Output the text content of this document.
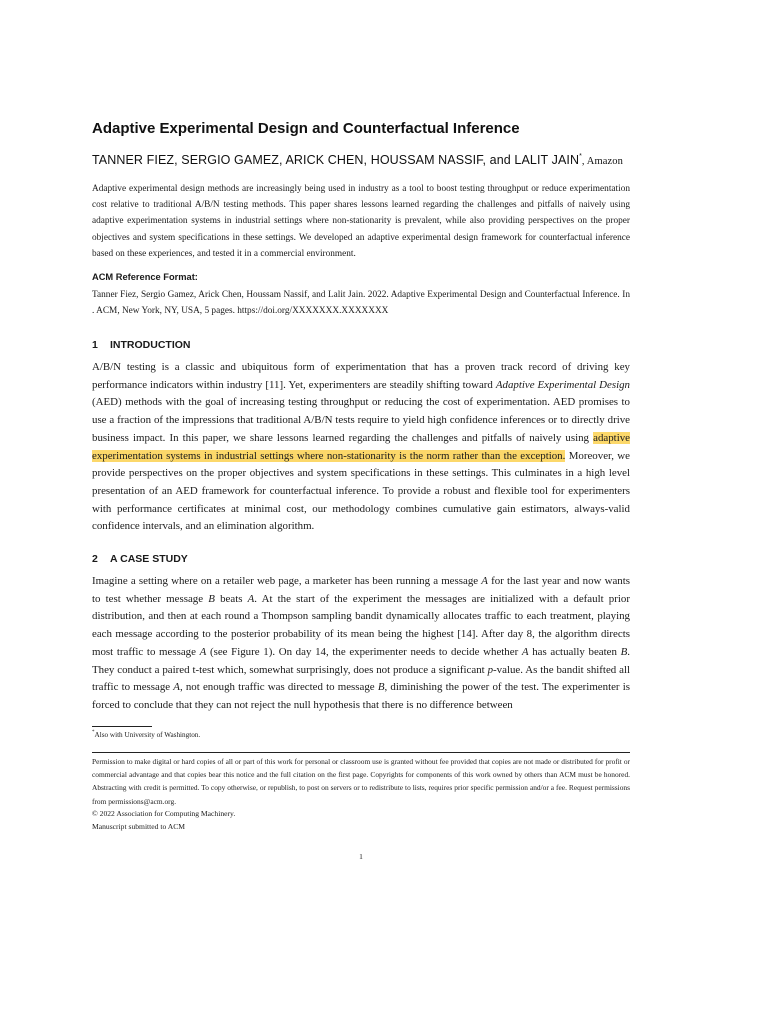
Adaptive Experimental Design and Counterfactual Inference
TANNER FIEZ, SERGIO GAMEZ, ARICK CHEN, HOUSSAM NASSIF, and LALIT JAIN*, Amazon
Adaptive experimental design methods are increasingly being used in industry as a tool to boost testing throughput or reduce experimentation cost relative to traditional A/B/N testing methods. This paper shares lessons learned regarding the challenges and pitfalls of naively using adaptive experimentation systems in industrial settings where non-stationarity is prevalent, while also providing perspectives on the proper objectives and system specifications in these settings. We developed an adaptive experimental design framework for counterfactual inference based on these experiences, and tested it in a commercial environment.
ACM Reference Format:
Tanner Fiez, Sergio Gamez, Arick Chen, Houssam Nassif, and Lalit Jain. 2022. Adaptive Experimental Design and Counterfactual Inference. In . ACM, New York, NY, USA, 5 pages. https://doi.org/XXXXXXX.XXXXXXX
1 INTRODUCTION
A/B/N testing is a classic and ubiquitous form of experimentation that has a proven track record of driving key performance indicators within industry [11]. Yet, experimenters are steadily shifting toward Adaptive Experimental Design (AED) methods with the goal of increasing testing throughput or reducing the cost of experimentation. AED promises to use a fraction of the impressions that traditional A/B/N tests require to yield high confidence inferences or to directly drive business impact. In this paper, we share lessons learned regarding the challenges and pitfalls of naively using adaptive experimentation systems in industrial settings where non-stationarity is the norm rather than the exception. Moreover, we provide perspectives on the proper objectives and system specifications in these settings. This culminates in a high level presentation of an AED framework for counterfactual inference. To provide a robust and flexible tool for experimenters with performance certificates at minimal cost, our methodology combines cumulative gain estimators, always-valid confidence intervals, and an elimination algorithm.
2 A CASE STUDY
Imagine a setting where on a retailer web page, a marketer has been running a message A for the last year and now wants to test whether message B beats A. At the start of the experiment the messages are initialized with a default prior distribution, and then at each round a Thompson sampling bandit dynamically allocates traffic to each treatment, playing each message according to the posterior probability of its mean being the highest [14]. After day 8, the algorithm directs most traffic to message A (see Figure 1). On day 14, the experimenter needs to decide whether A has actually beaten B. They conduct a paired t-test which, somewhat surprisingly, does not produce a significant p-value. As the bandit shifted all traffic to message A, not enough traffic was directed to message B, diminishing the power of the test. The experimenter is forced to conclude that they can not reject the null hypothesis that there is no difference between
*Also with University of Washington.
Permission to make digital or hard copies of all or part of this work for personal or classroom use is granted without fee provided that copies are not made or distributed for profit or commercial advantage and that copies bear this notice and the full citation on the first page. Copyrights for components of this work owned by others than ACM must be honored. Abstracting with credit is permitted. To copy otherwise, or republish, to post on servers or to redistribute to lists, requires prior specific permission and/or a fee. Request permissions from permissions@acm.org.
© 2022 Association for Computing Machinery.
Manuscript submitted to ACM
1
